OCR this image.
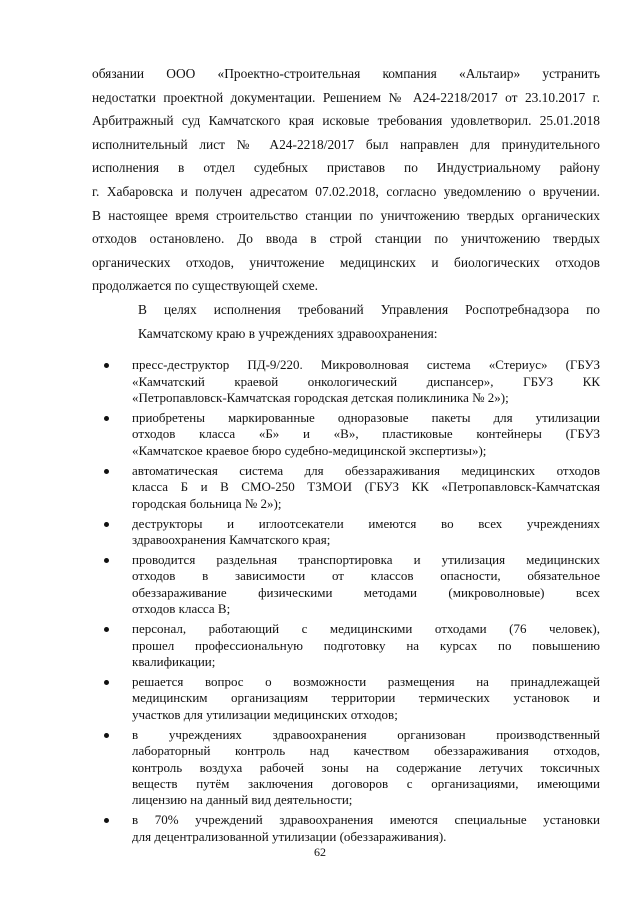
обязании ООО «Проектно-строительная компания «Альтаир» устранить
недостатки проектной документации. Решением № А24-2218/2017 от 23.10.2017 г.
Арбитражный суд Камчатского края исковые требования удовлетворил. 25.01.2018
исполнительный лист № А24-2218/2017 был направлен для принудительного
исполнения в отдел судебных приставов по Индустриальному району
г. Хабаровска и получен адресатом 07.02.2018, согласно уведомлению о вручении.
В настоящее время строительство станции по уничтожению твердых органических
отходов остановлено. До ввода в строй станции по уничтожению твердых
органических отходов, уничтожение медицинских и биологических отходов
продолжается по существующей схеме.

В целях исполнения требований Управления Роспотребнадзора по
Камчатскому краю в учреждениях здравоохранения:

пресс-деструктор ПД-9/220. Микроволновая система «Стериус» (ГБУЗ
«Камчатский краевой онкологический диспансер», ГБУЗ КК
«Петропавловск-Камчатская городская детская поликлиника № 2»);
приобретены маркированные одноразовые пакеты для утилизации
отходов класса «Б» и «В», пластиковые контейнеры (ГБУЗ
«Камчатское краевое бюро судебно-медицинской экспертизы»);
автоматическая система для обеззараживания медицинских отходов
класса Б и В СМО-250 ТЗМОИ (ГБУЗ КК «Петропавловск-Камчатская
городская больница № 2»);
деструкторы и иглоотсекатели имеются во всех учреждениях
здравоохранения Камчатского края;
проводится раздельная транспортировка и утилизация медицинских
отходов в зависимости от классов опасности, обязательное
обеззараживание физическими методами (микроволновые) всех
отходов класса В;
персонал, работающий с медицинскими отходами (76 человек),
прошел профессиональную подготовку на курсах по повышению
квалификации;
решается вопрос о возможности размещения на принадлежащей
медицинским организациям территории термических установок и
участков для утилизации медицинских отходов;
в учреждениях здравоохранения организован производственный
лабораторный контроль над качеством обеззараживания отходов,
контроль воздуха рабочей зоны на содержание летучих токсичных
веществ путём заключения договоров с организациями, имеющими
лицензию на данный вид деятельности;
в 70% учреждений здравоохранения имеются специальные установки
для децентрализованной утилизации (обеззараживания).
62
